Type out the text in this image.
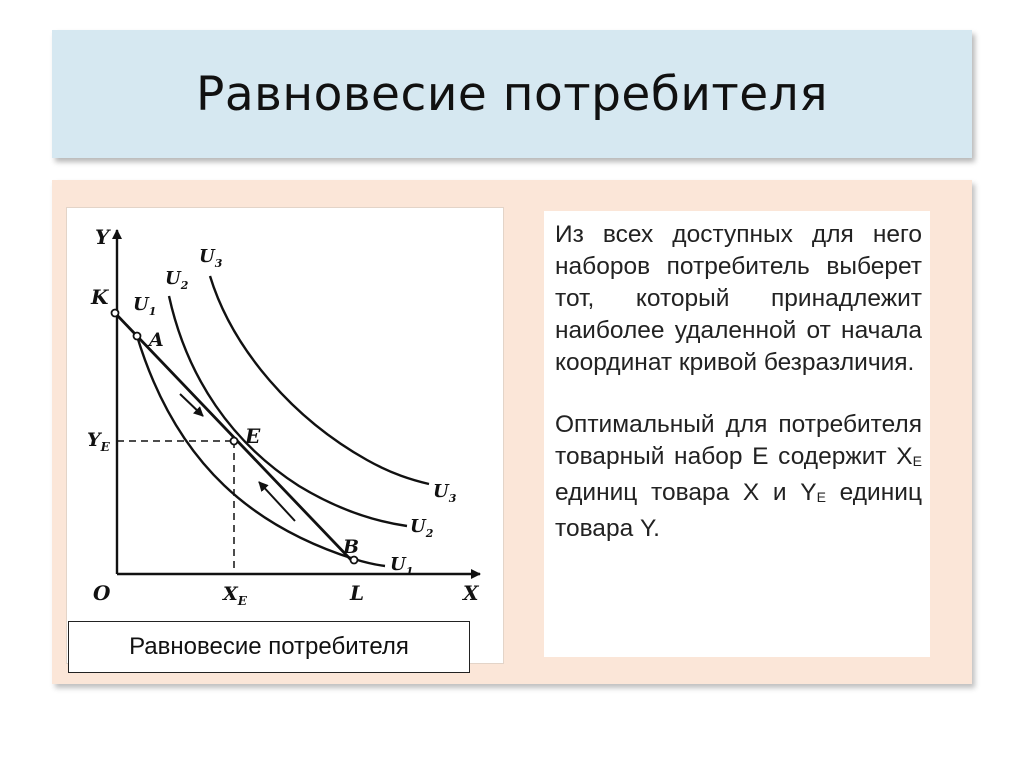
Равновесие потребителя
Y
X
O
K
A
E
B
L
$Y_E$
$X_E$
$U_1$
$U_2$
$U_3$
$U_1$
$U_2$
$U_3$
Равновесие потребителя

Из всех доступных для него наборов потребитель выберет тот, который принадлежит наиболее удаленной от начала координат кривой безразличия.

Оптимальный для потребителя товарный набор Е содержит $X_E$ единиц товара X и $Y_E$ единиц товара Y.
